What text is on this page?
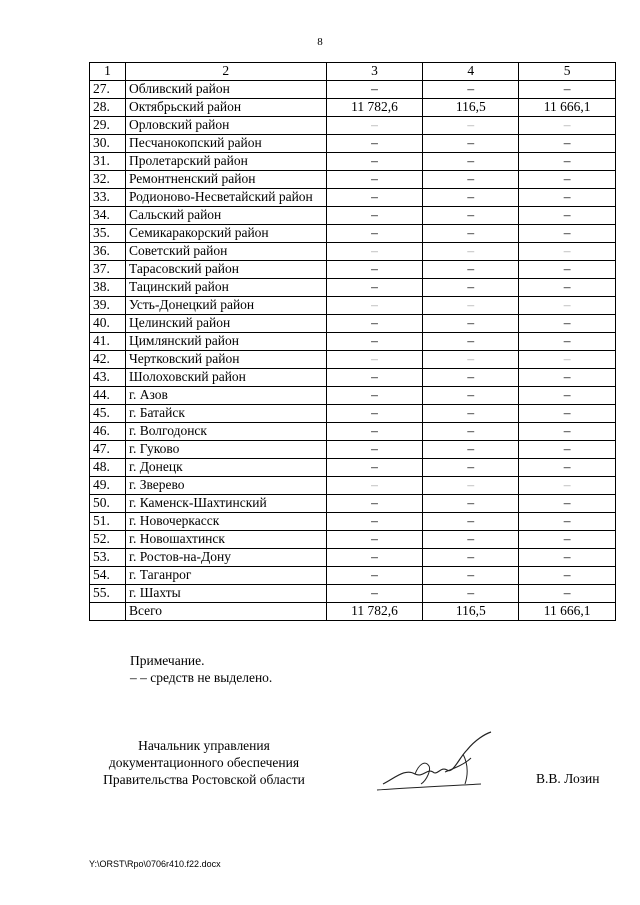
8
1	2	3	4	5
27.	Обливский район	–	–	–
28.	Октябрьский район	11 782,6	116,5	11 666,1
29.	Орловский район	–	–	–
30.	Песчанокопский район	–	–	–
31.	Пролетарский район	–	–	–
32.	Ремонтненский район	–	–	–
33.	Родионово-Несветайский район	–	–	–
34.	Сальский район	–	–	–
35.	Семикаракорский район	–	–	–
36.	Советский район	–	–	–
37.	Тарасовский район	–	–	–
38.	Тацинский район	–	–	–
39.	Усть-Донецкий район	–	–	–
40.	Целинский район	–	–	–
41.	Цимлянский район	–	–	–
42.	Чертковский район	–	–	–
43.	Шолоховский район	–	–	–
44.	г. Азов	–	–	–
45.	г. Батайск	–	–	–
46.	г. Волгодонск	–	–	–
47.	г. Гуково	–	–	–
48.	г. Донецк	–	–	–
49.	г. Зверево	–	–	–
50.	г. Каменск-Шахтинский	–	–	–
51.	г. Новочеркасск	–	–	–
52.	г. Новошахтинск	–	–	–
53.	г. Ростов-на-Дону	–	–	–
54.	г. Таганрог	–	–	–
55.	г. Шахты	–	–	–
	Всего	11 782,6	116,5	11 666,1
Примечание.
– – средств не выделено.
Начальник управления
документационного обеспечения
Правительства Ростовской области	В.В. Лозин
Y:\ORST\Rpo\0706r410.f22.docx
